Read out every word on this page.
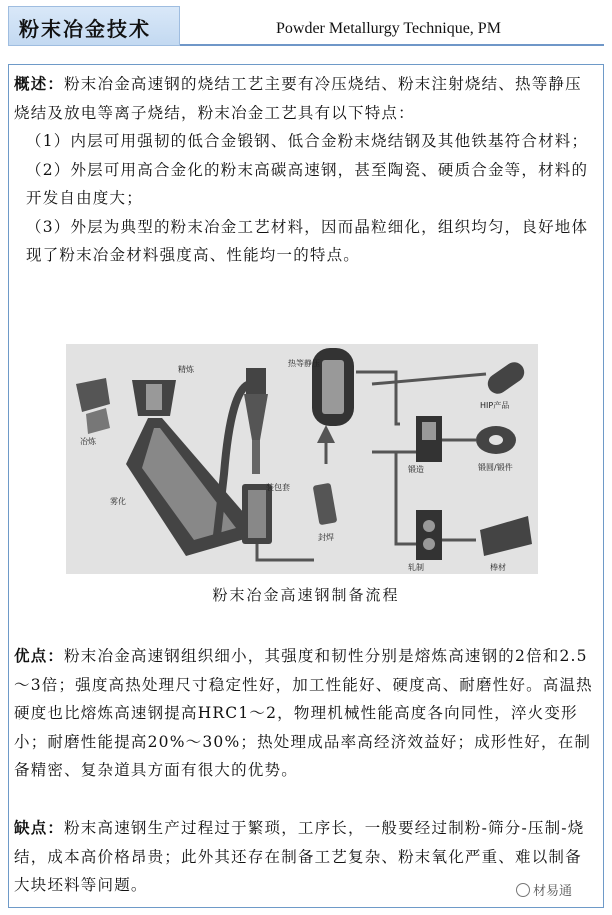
粉末冶金技术	Powder Metallurgy Technique, PM

概述：粉末冶金高速钢的烧结工艺主要有冷压烧结、粉末注射烧结、热等静压烧结及放电等离子烧结，粉末冶金工艺具有以下特点：

（1）内层可用强韧的低合金锻钢、低合金粉末烧结钢及其他铁基符合材料；

（2）外层可用高合金化的粉末高碳高速钢，甚至陶瓷、硬质合金等，材料的开发自由度大；

（3）外层为典型的粉末冶金工艺材料，因而晶粒细化，组织均匀，良好地体现了粉末冶金材料强度高、性能均一的特点。

冶炼
精炼
雾化
装包套
封焊
热等静压
HIP产品
锻造	锻圆/锻件
轧制	棒材
粉末冶金高速钢制备流程

优点：粉末冶金高速钢组织细小，其强度和韧性分别是熔炼高速钢的2倍和2.5～3倍；强度高热处理尺寸稳定性好，加工性能好、硬度高、耐磨性好。高温热硬度也比熔炼高速钢提高HRC1～2，物理机械性能高度各向同性，淬火变形小；耐磨性能提高20%～30%；热处理成品率高经济效益好；成形性好，在制备精密、复杂道具方面有很大的优势。

缺点：粉末高速钢生产过程过于繁琐，工序长，一般要经过制粉-筛分-压制-烧结，成本高价格昂贵；此外其还存在制备工艺复杂、粉末氧化严重、难以制备大块坯料等问题。	材易通
